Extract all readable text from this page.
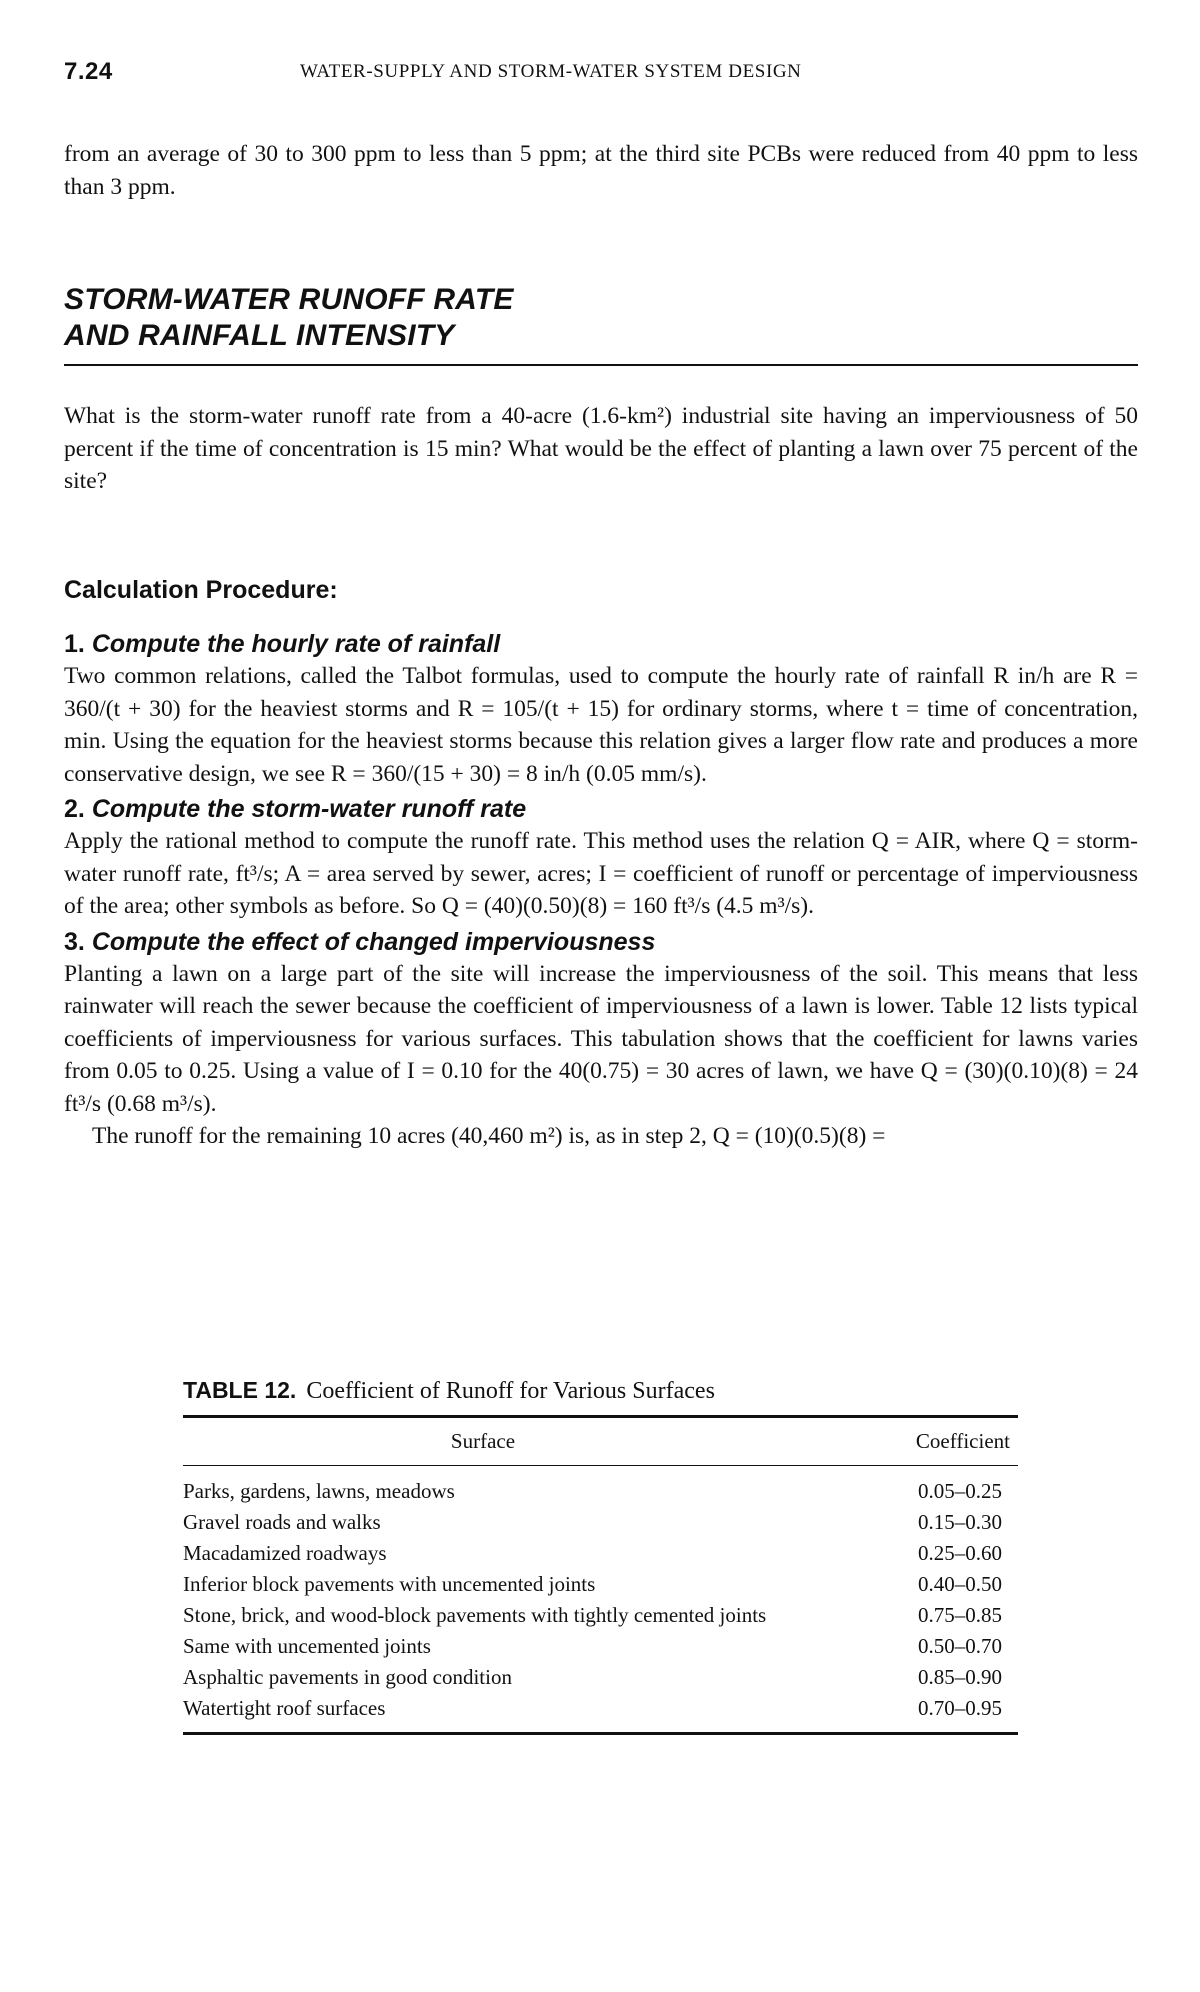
7.24	WATER-SUPPLY AND STORM-WATER SYSTEM DESIGN

from an average of 30 to 300 ppm to less than 5 ppm; at the third site PCBs were reduced from 40 ppm to less than 3 ppm.

STORM-WATER RUNOFF RATE
AND RAINFALL INTENSITY

What is the storm-water runoff rate from a 40-acre (1.6-km²) industrial site having an imperviousness of 50 percent if the time of concentration is 15 min? What would be the effect of planting a lawn over 75 percent of the site?

Calculation Procedure:
1. Compute the hourly rate of rainfall

Two common relations, called the Talbot formulas, used to compute the hourly rate of rainfall R in/h are R = 360/(t + 30) for the heaviest storms and R = 105/(t + 15) for ordinary storms, where t = time of concentration, min. Using the equation for the heaviest storms because this relation gives a larger flow rate and produces a more conservative design, we see R = 360/(15 + 30) = 8 in/h (0.05 mm/s).

2. Compute the storm-water runoff rate

Apply the rational method to compute the runoff rate. This method uses the relation Q = AIR, where Q = storm-water runoff rate, ft³/s; A = area served by sewer, acres; I = coefficient of runoff or percentage of imperviousness of the area; other symbols as before. So Q = (40)(0.50)(8) = 160 ft³/s (4.5 m³/s).

3. Compute the effect of changed imperviousness

Planting a lawn on a large part of the site will increase the imperviousness of the soil. This means that less rainwater will reach the sewer because the coefficient of imperviousness of a lawn is lower. Table 12 lists typical coefficients of imperviousness for various surfaces. This tabulation shows that the coefficient for lawns varies from 0.05 to 0.25. Using a value of I = 0.10 for the 40(0.75) = 30 acres of lawn, we have Q = (30)(0.10)(8) = 24 ft³/s (0.68 m³/s).

The runoff for the remaining 10 acres (40,460 m²) is, as in step 2, Q = (10)(0.5)(8) =

TABLE 12. Coefficient of Runoff for Various Surfaces
Surface	Coefficient

Parks, gardens, lawns, meadows	0.05–0.25

Gravel roads and walks	0.15–0.30

Macadamized roadways	0.25–0.60

Inferior block pavements with uncemented joints	0.40–0.50

Stone, brick, and wood-block pavements with tightly cemented joints	0.75–0.85

Same with uncemented joints	0.50–0.70

Asphaltic pavements in good condition	0.85–0.90

Watertight roof surfaces	0.70–0.95
